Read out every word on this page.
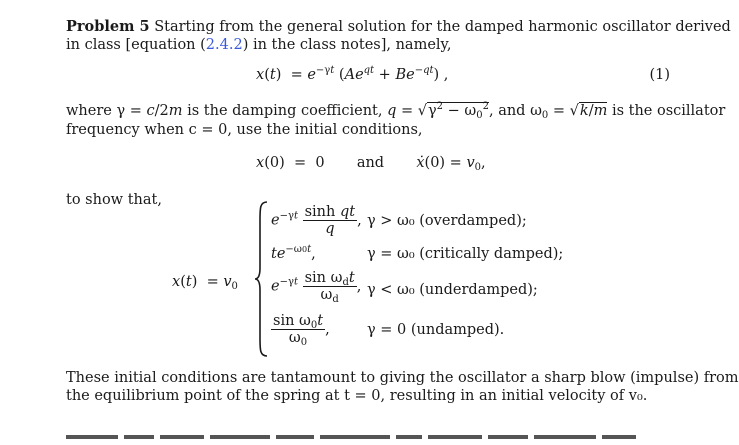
Problem 5 Starting from the general solution for the damped harmonic oscillator derived
in class [equation (2.4.2) in the class notes], namely,
$x(t) = e^{-\gamma t}$ $(Ae^{qt} + Be^{-qt})$ ,	(1)
where γ = c/2m is the damping coefficient, $q = √\gamma^2 - \omega_0^2$, and $\omega_0 = √k/m$ is the oscillator
frequency when c = 0, use the initial conditions,
x(0)  =  0       and ẋ(0) = $v_0$,
to show that,
$x(t) = v_0$
$e^{-\gamma t} \frac{\text{sinh qt}}{q}$ , γ > ω₀ (overdamped);
$te^{-\omega 0t}$,	γ = ω₀ (critically damped);
$e^{-\gamma t} \frac{\sin \omega_dt}{\omega_d}$ , γ < ω₀ (underdamped);
$\frac{\sin \omega_0t}{\omega_0}$ ,	γ = 0 (undamped).
These initial conditions are tantamount to giving the oscillator a sharp blow (impulse) from
the equilibrium point of the spring at t = 0, resulting in an initial velocity of v₀.
